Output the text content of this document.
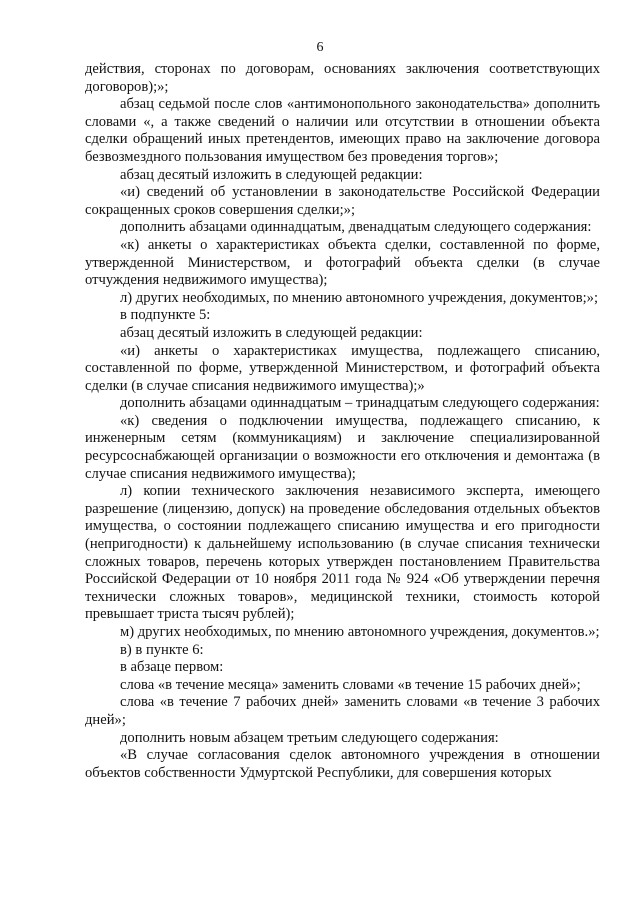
6

действия, сторонах по договорам, основаниях заключения соответствующих договоров);»;

абзац седьмой после слов «антимонопольного законодательства» дополнить словами «, а также сведений о наличии или отсутствии в отношении объекта сделки обращений иных претендентов, имеющих право на заключение договора безвозмездного пользования имуществом без проведения торгов»;

абзац десятый изложить в следующей редакции:

«и) сведений об установлении в законодательстве Российской Федерации сокращенных сроков совершения сделки;»;

дополнить абзацами одиннадцатым, двенадцатым следующего содержания:

«к) анкеты о характеристиках объекта сделки, составленной по форме, утвержденной Министерством, и фотографий объекта сделки (в случае отчуждения недвижимого имущества);

л) других необходимых, по мнению автономного учреждения, документов;»;

в подпункте 5:

абзац десятый изложить в следующей редакции:

«и) анкеты о характеристиках имущества, подлежащего списанию, составленной по форме, утвержденной Министерством, и фотографий объекта сделки (в случае списания недвижимого имущества);»

дополнить абзацами одиннадцатым – тринадцатым следующего содержания:

«к) сведения о подключении имущества, подлежащего списанию, к инженерным сетям (коммуникациям) и заключение специализированной ресурсоснабжающей организации о возможности его отключения и демонтажа (в случае списания недвижимого имущества);

л) копии технического заключения независимого эксперта, имеющего разрешение (лицензию, допуск) на проведение обследования отдельных объектов имущества, о состоянии подлежащего списанию имущества и его пригодности (непригодности) к дальнейшему использованию (в случае списания технически сложных товаров, перечень которых утвержден постановлением Правительства Российской Федерации от 10 ноября 2011 года № 924 «Об утверждении перечня технически сложных товаров», медицинской техники, стоимость которой превышает триста тысяч рублей);

м) других необходимых, по мнению автономного учреждения, документов.»;

в) в пункте 6:

в абзаце первом:

слова «в течение месяца» заменить словами «в течение 15 рабочих дней»;

слова «в течение 7 рабочих дней» заменить словами «в течение 3 рабочих дней»;

дополнить новым абзацем третьим следующего содержания:

«В случае согласования сделок автономного учреждения в отношении объектов собственности Удмуртской Республики, для совершения которых
